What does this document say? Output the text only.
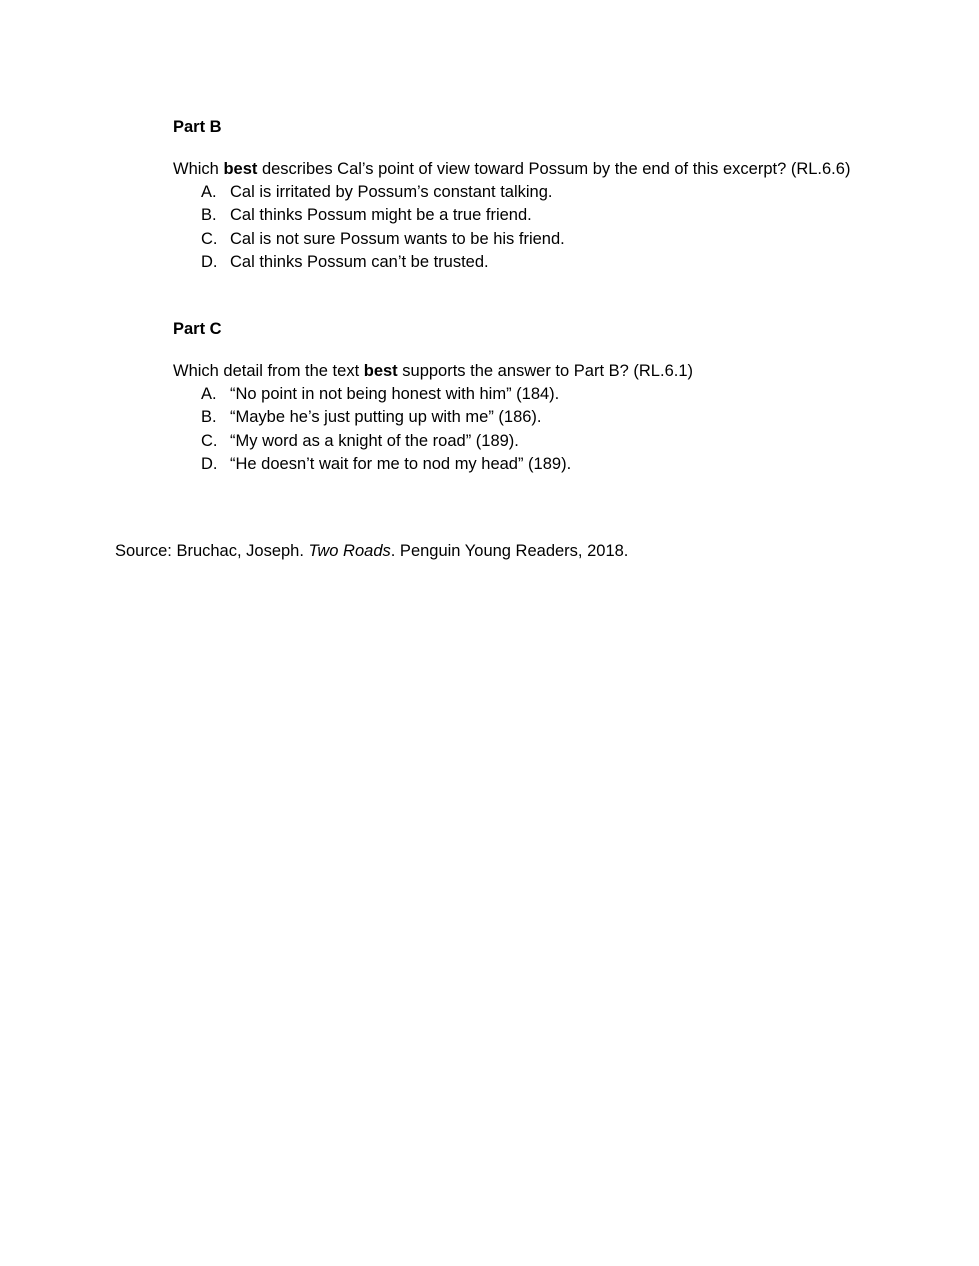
Part B

Which best describes Cal’s point of view toward Possum by the end of this excerpt? (RL.6.6)

A. Cal is irritated by Possum’s constant talking.
B. Cal thinks Possum might be a true friend.
C. Cal is not sure Possum wants to be his friend.
D. Cal thinks Possum can’t be trusted.

Part C

Which detail from the text best supports the answer to Part B? (RL.6.1)

A. “No point in not being honest with him” (184).
B. “Maybe he’s just putting up with me” (186).
C. “My word as a knight of the road” (189).
D. “He doesn’t wait for me to nod my head” (189).

Source: Bruchac, Joseph. Two Roads. Penguin Young Readers, 2018.
